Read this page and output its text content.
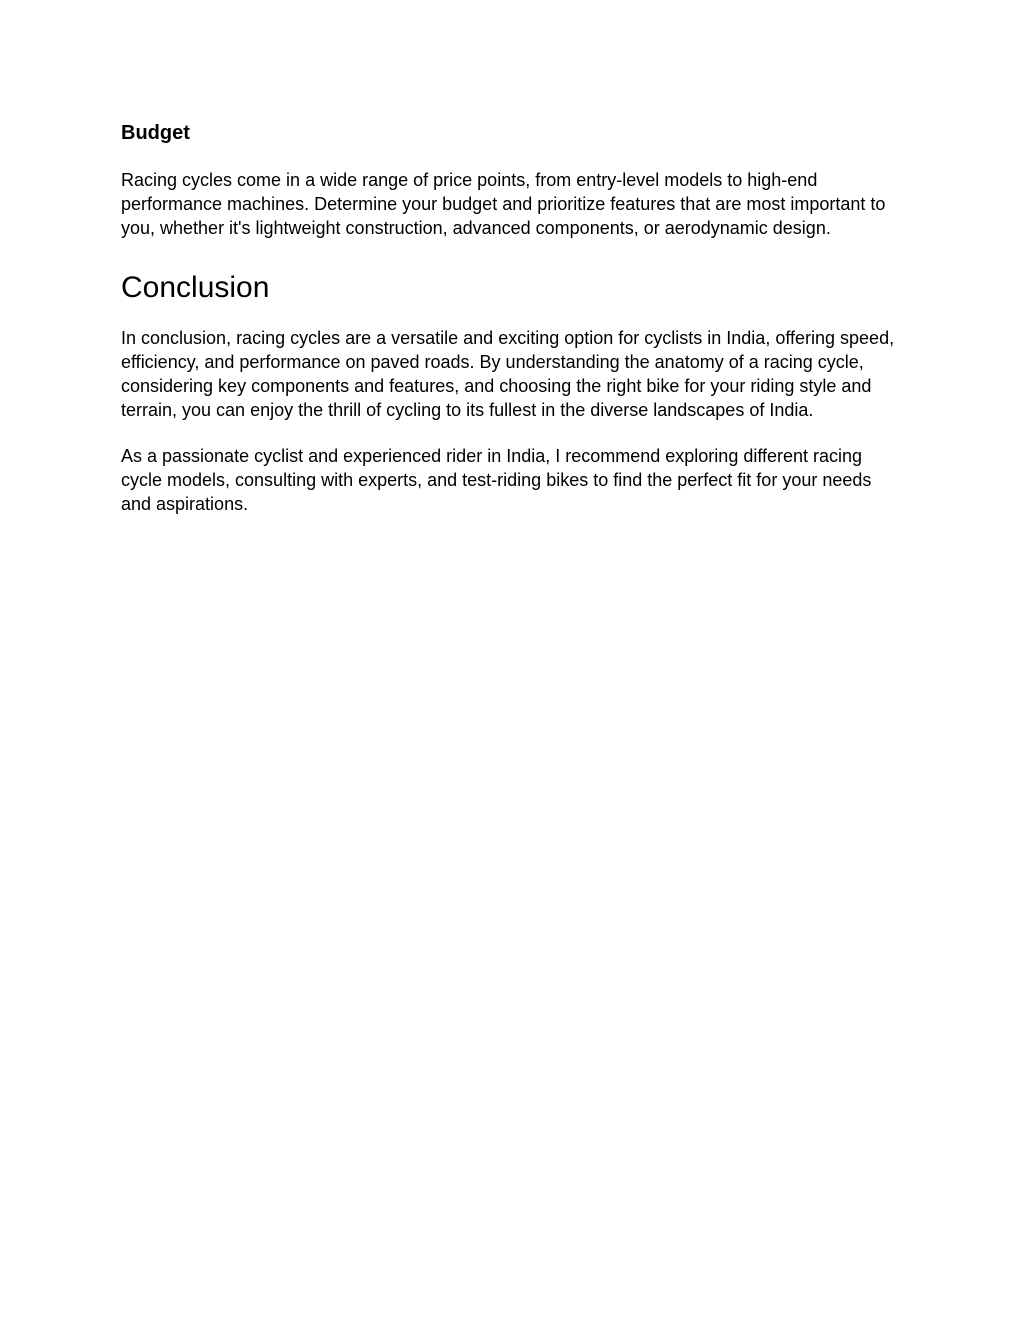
Budget

Racing cycles come in a wide range of price points, from entry-level models to high-end performance machines. Determine your budget and prioritize features that are most important to you, whether it's lightweight construction, advanced components, or aerodynamic design.

Conclusion

In conclusion, racing cycles are a versatile and exciting option for cyclists in India, offering speed, efficiency, and performance on paved roads. By understanding the anatomy of a racing cycle, considering key components and features, and choosing the right bike for your riding style and terrain, you can enjoy the thrill of cycling to its fullest in the diverse landscapes of India.

As a passionate cyclist and experienced rider in India, I recommend exploring different racing cycle models, consulting with experts, and test-riding bikes to find the perfect fit for your needs and aspirations.
